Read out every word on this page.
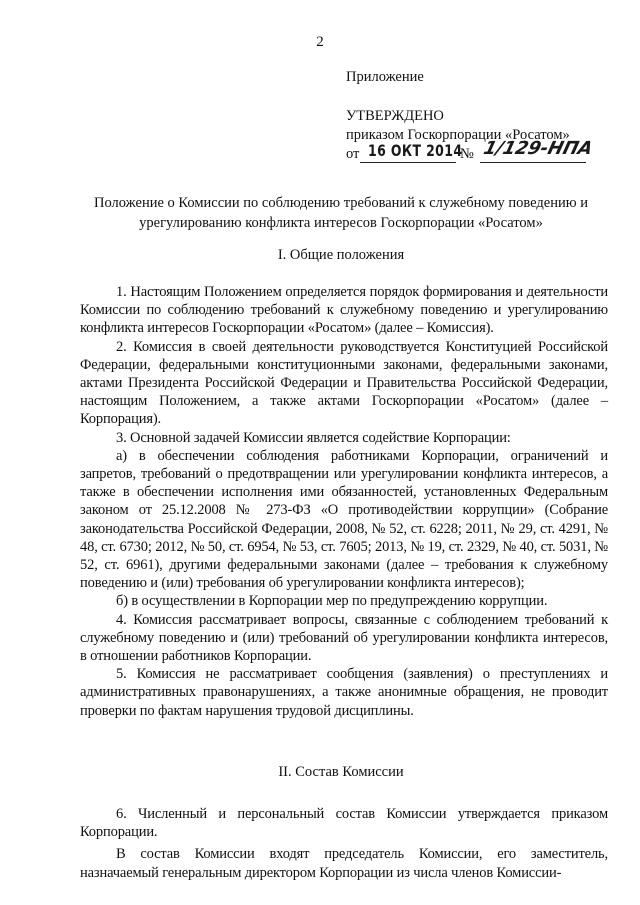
2
Приложение
УТВЕРЖДЕНО
приказом Госкорпорации «Росатом»
от 16 ОКТ 2014
№ 1/129-НПА
Положение о Комиссии по соблюдению требований к служебному поведению и урегулированию конфликта интересов Госкорпорации «Росатом»
I. Общие положения

1. Настоящим Положением определяется порядок формирования и деятельности Комиссии по соблюдению требований к служебному поведению и урегулированию конфликта интересов Госкорпорации «Росатом» (далее – Комиссия).

2. Комиссия в своей деятельности руководствуется Конституцией Российской Федерации, федеральными конституционными законами, федеральными законами, актами Президента Российской Федерации и Правительства Российской Федерации, настоящим Положением, а также актами Госкорпорации «Росатом» (далее – Корпорация).

3. Основной задачей Комиссии является содействие Корпорации:

а) в обеспечении соблюдения работниками Корпорации, ограничений и запретов, требований о предотвращении или урегулировании конфликта интересов, а также в обеспечении исполнения ими обязанностей, установленных Федеральным законом от 25.12.2008 № 273-ФЗ «О противодействии коррупции» (Собрание законодательства Российской Федерации, 2008, № 52, ст. 6228; 2011, № 29, ст. 4291, № 48, ст. 6730; 2012, № 50, ст. 6954, № 53, ст. 7605; 2013, № 19, ст. 2329, № 40, ст. 5031, № 52, ст. 6961), другими федеральными законами (далее – требования к служебному поведению и (или) требования об урегулировании конфликта интересов);

б) в осуществлении в Корпорации мер по предупреждению коррупции.

4. Комиссия рассматривает вопросы, связанные с соблюдением требований к служебному поведению и (или) требований об урегулировании конфликта интересов, в отношении работников Корпорации.

5. Комиссия не рассматривает сообщения (заявления) о преступлениях и административных правонарушениях, а также анонимные обращения, не проводит проверки по фактам нарушения трудовой дисциплины.

II. Состав Комиссии

6. Численный и персональный состав Комиссии утверждается приказом Корпорации.

В состав Комиссии входят председатель Комиссии, его заместитель, назначаемый генеральным директором Корпорации из числа членов Комиссии-
